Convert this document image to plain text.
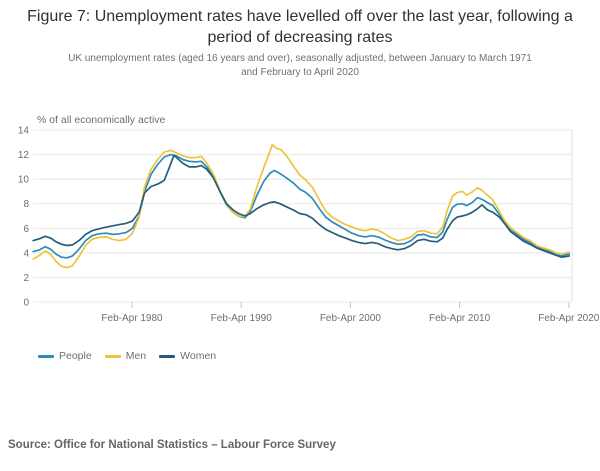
Figure 7: Unemployment rates have levelled off over the last year, following a period of decreasing rates
UK unemployment rates (aged 16 years and over), seasonally adjusted, between January to March 1971 and February to April 2020
% of all economically active
0
2
4
6
8
10
12
14
Feb-Apr 1980	Feb-Apr 1990	Feb-Apr 2000	Feb-Apr 2010	Feb-Apr 2020
People	Men	Women
Source: Office for National Statistics – Labour Force Survey
